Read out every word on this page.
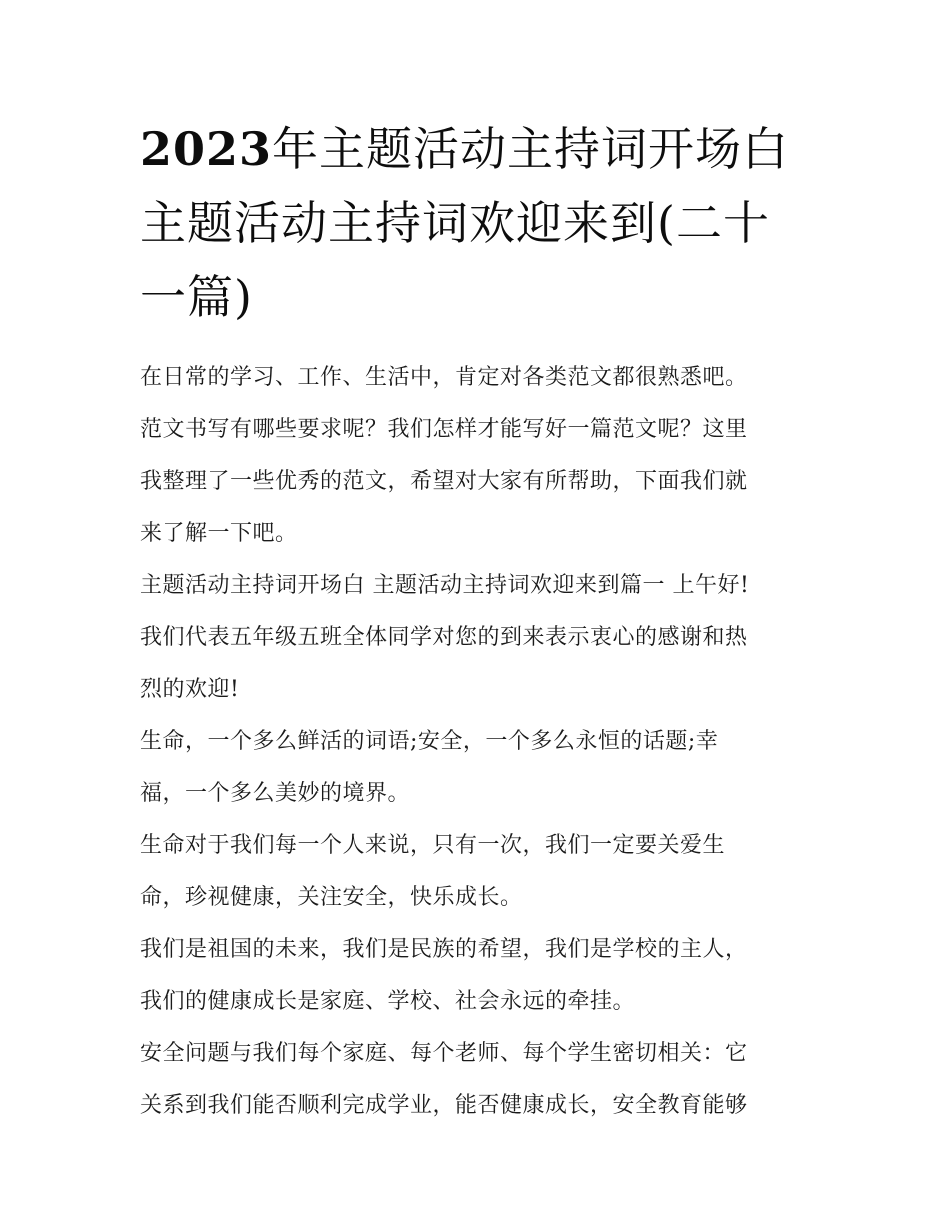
2023年主题活动主持词开场白
主题活动主持词欢迎来到(二十
一篇)

在日常的学习、工作、生活中，肯定对各类范文都很熟悉吧。
范文书写有哪些要求呢？我们怎样才能写好一篇范文呢？这里
我整理了一些优秀的范文，希望对大家有所帮助，下面我们就
来了解一下吧。

主题活动主持词开场白 主题活动主持词欢迎来到篇一 上午好!
我们代表五年级五班全体同学对您的到来表示衷心的感谢和热
烈的欢迎!

生命，一个多么鲜活的词语;安全，一个多么永恒的话题;幸
福，一个多么美妙的境界。

生命对于我们每一个人来说，只有一次，我们一定要关爱生
命，珍视健康，关注安全，快乐成长。

我们是祖国的未来，我们是民族的希望，我们是学校的主人，
我们的健康成长是家庭、学校、社会永远的牵挂。

安全问题与我们每个家庭、每个老师、每个学生密切相关：它
关系到我们能否顺利完成学业，能否健康成长，安全教育能够
